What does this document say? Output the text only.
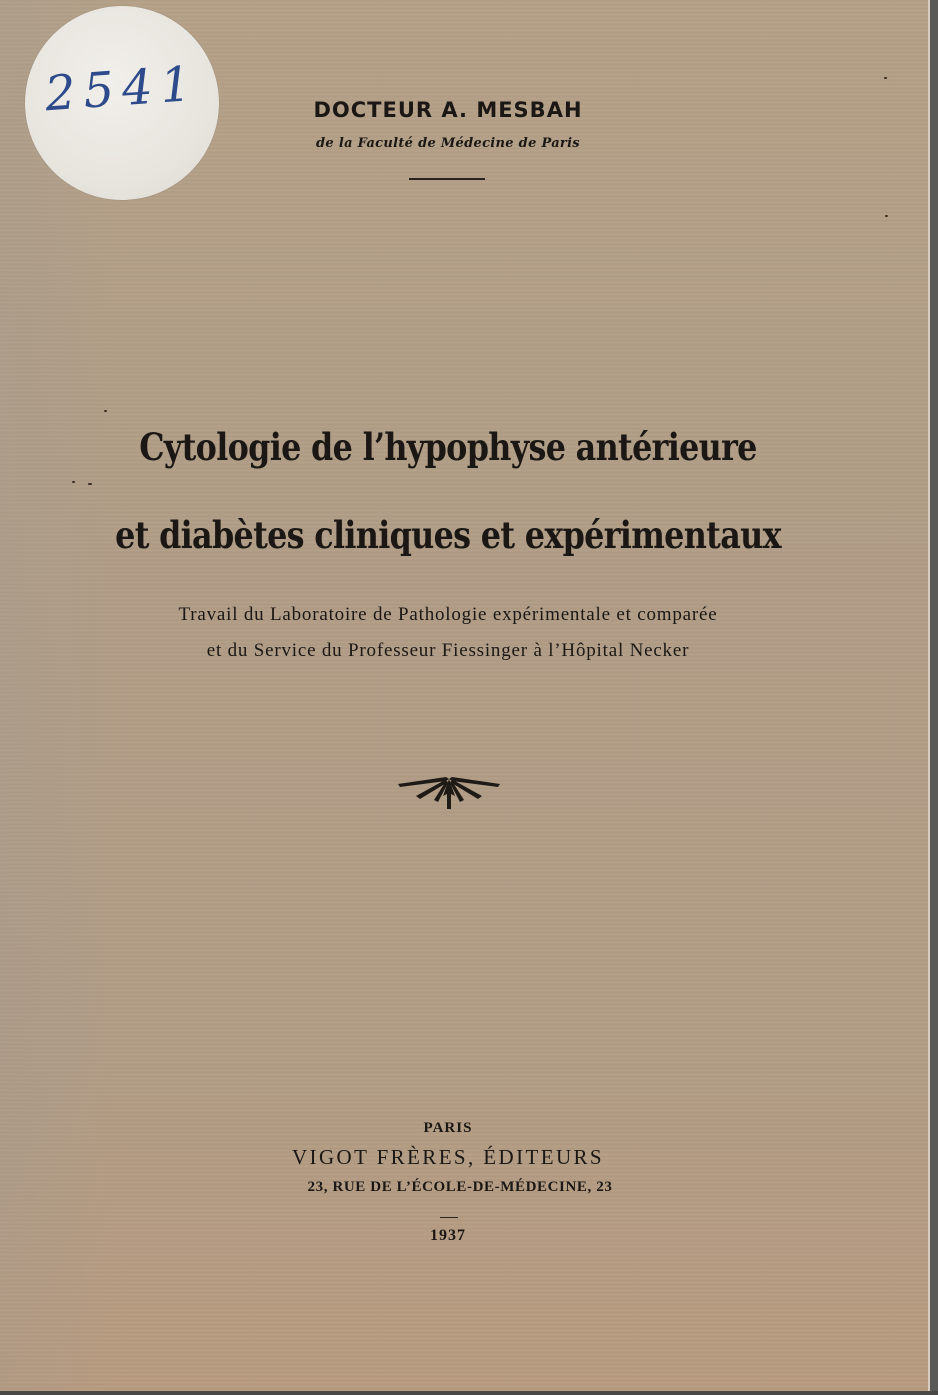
2541	DOCTEUR A. MESBAH
de la Faculté de Médecine de Paris
Cytologie de l’hypophyse antérieure
et diabètes cliniques et expérimentaux
Travail du Laboratoire de Pathologie expérimentale et comparée
et du Service du Professeur Fiessinger à l’Hôpital Necker
PARIS
VIGOT FRÈRES, ÉDITEURS
23, RUE DE L’ÉCOLE-DE-MÉDECINE, 23
1937
